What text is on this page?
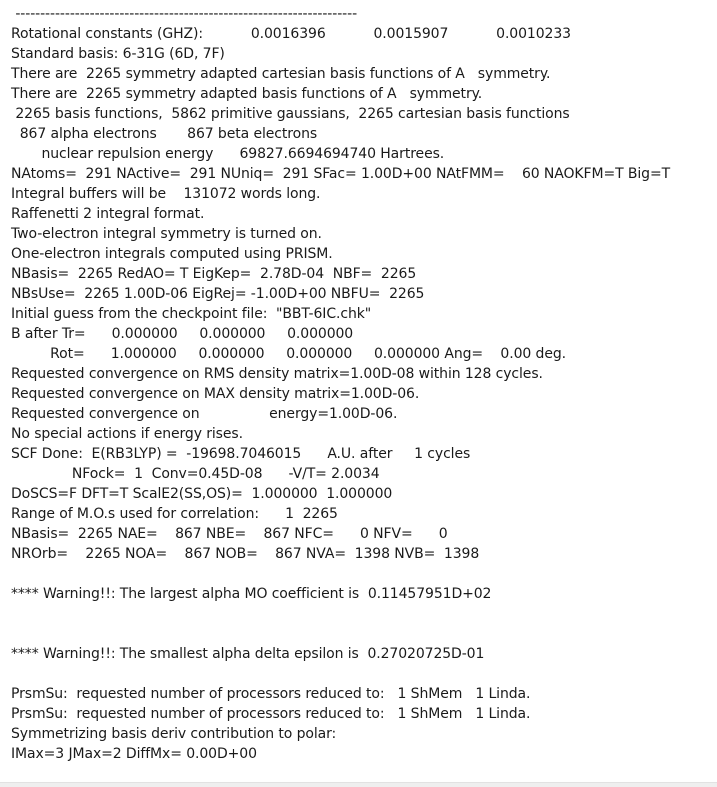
---------------------------------------------------------------------
Rotational constants (GHZ):           0.0016396           0.0015907           0.0010233
Standard basis: 6-31G (6D, 7F)
There are  2265 symmetry adapted cartesian basis functions of A   symmetry.
There are  2265 symmetry adapted basis functions of A   symmetry.
2265 basis functions,  5862 primitive gaussians,  2265 cartesian basis functions
867 alpha electrons       867 beta electrons
nuclear repulsion energy      69827.6694694740 Hartrees.
NAtoms=  291 NActive=  291 NUniq=  291 SFac= 1.00D+00 NAtFMM=    60 NAOKFM=T Big=T
Integral buffers will be    131072 words long.
Raffenetti 2 integral format.
Two-electron integral symmetry is turned on.
One-electron integrals computed using PRISM.
NBasis=  2265 RedAO= T EigKep=  2.78D-04  NBF=  2265
NBsUse=  2265 1.00D-06 EigRej= -1.00D+00 NBFU=  2265
Initial guess from the checkpoint file:  "BBT-6IC.chk"
B after Tr=      0.000000     0.000000     0.000000
Rot=      1.000000     0.000000     0.000000     0.000000 Ang=    0.00 deg.
Requested convergence on RMS density matrix=1.00D-08 within 128 cycles.
Requested convergence on MAX density matrix=1.00D-06.
Requested convergence on                energy=1.00D-06.
No special actions if energy rises.
SCF Done:  E(RB3LYP) =  -19698.7046015      A.U. after     1 cycles
NFock=  1  Conv=0.45D-08      -V/T= 2.0034
DoSCS=F DFT=T ScalE2(SS,OS)=  1.000000  1.000000
Range of M.O.s used for correlation:      1  2265
NBasis=  2265 NAE=    867 NBE=    867 NFC=      0 NFV=      0
NROrb=    2265 NOA=    867 NOB=    867 NVA=  1398 NVB=  1398
**** Warning!!: The largest alpha MO coefficient is  0.11457951D+02
**** Warning!!: The smallest alpha delta epsilon is  0.27020725D-01
PrsmSu:  requested number of processors reduced to:   1 ShMem   1 Linda.
PrsmSu:  requested number of processors reduced to:   1 ShMem   1 Linda.
Symmetrizing basis deriv contribution to polar:
IMax=3 JMax=2 DiffMx= 0.00D+00
